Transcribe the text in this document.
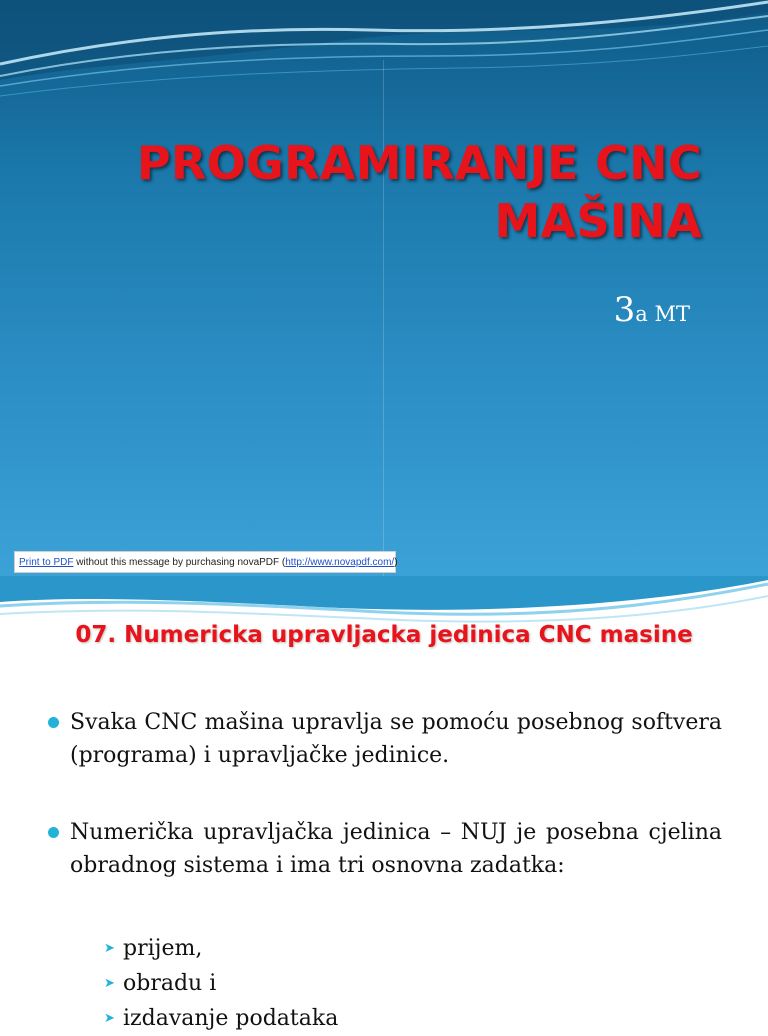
PROGRAMIRANJE CNC
MAŠINA

3a MT

Print to PDF without this message by purchasing novaPDF (http://www.novapdf.com/)
07. Numericka upravljacka jedinica CNC masine
Svaka CNC mašina upravlja se pomoću posebnog softvera (programa) i upravljačke jedinice.
Numerička upravljačka jedinica – NUJ je posebna cjelina obradnog sistema i ima tri osnovna zadatka:
➤ prijem,
➤ obradu i
➤ izdavanje podataka
